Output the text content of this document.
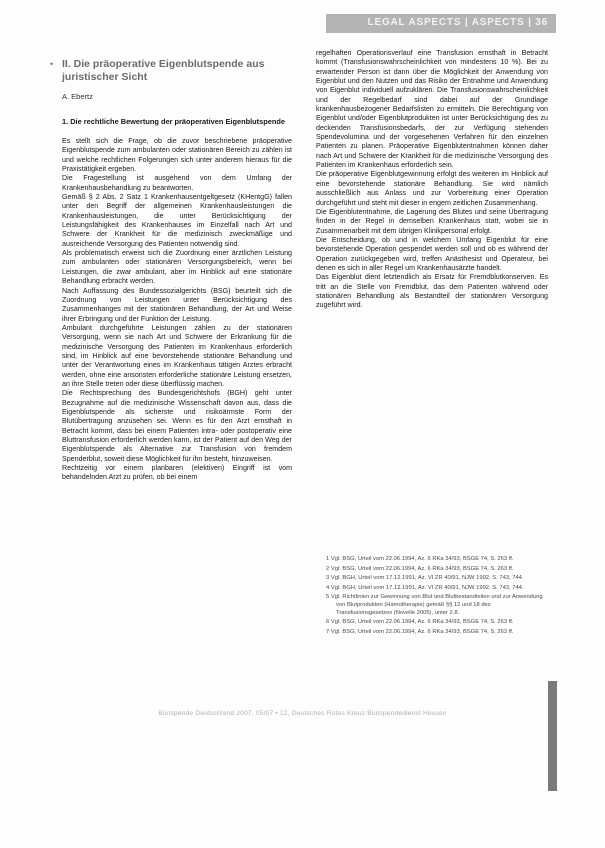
LEGAL ASPECTS | ASPECTS | 36
• II. Die präoperative Eigenblutspende aus juristischer Sicht
A. Ebertz
1. Die rechtliche Bewertung der präoperativen Eigenblutspende

Es stellt sich die Frage, ob die zuvor beschriebene präoperative Eigenblutspende zum ambulanten oder stationären Bereich zu zählen ist und welche rechtlichen Folgerungen sich unter anderem hieraus für die Praxistätigkeit ergeben.

Die Fragestellung ist ausgehend von dem Umfang der Krankenhausbehandlung zu beantworten.

Gemäß § 2 Abs. 2 Satz 1 Krankenhausentgeltgesetz (KHentgG) fallen unter den Begriff der allgemeinen Krankenhausleistungen die Krankenhausleistungen, die unter Berücksichtigung der Leistungsfähigkeit des Krankenhauses im Einzelfall nach Art und Schwere der Krankheit für die medizinisch zweckmäßige und ausreichende Versorgung des Patienten notwendig sind.

Als problematisch erweist sich die Zuordnung einer ärztlichen Leistung zum ambulanten oder stationären Versorgungsbereich, wenn bei Leistungen, die zwar ambulant, aber im Hinblick auf eine stationäre Behandlung erbracht werden.

Nach Auffassung des Bundessozialgerichts (BSG) beurteilt sich die Zuordnung von Leistungen unter Berücksichtigung des Zusammenhanges mit der stationären Behandlung, der Art und Weise ihrer Erbringung und der Funktion der Leistung.

Ambulant durchgeführte Leistungen zählen zu der stationären Versorgung, wenn sie nach Art und Schwere der Erkrankung für die medizinische Versorgung des Patienten im Krankenhaus erforderlich sind, im Hinblick auf eine bevorstehende stationäre Behandlung und unter der Verantwortung eines im Krankenhaus tätigen Arztes erbracht werden, ohne eine ansonsten erforderliche stationäre Leistung ersetzen, an ihre Stelle treten oder diese überflüssig machen.

Die Rechtsprechung des Bundesgerichtshofs (BGH) geht unter Bezugnahme auf die medizinische Wissenschaft davon aus, dass die Eigenblutspende als sicherste und risikoärmste Form der Blutübertragung anzusehen sei. Wenn es für den Arzt ernsthaft in Betracht kommt, dass bei einem Patienten intra- oder postoperativ eine Bluttransfusion erforderlich werden kann, ist der Patient auf den Weg der Eigenblutspende als Alternative zur Transfusion von fremdem Spenderblut, soweit diese Möglichkeit für ihn besteht, hinzuweisen.

Rechtzeitig vor einem planbaren (elektiven) Eingriff ist vom behandelnden Arzt zu prüfen, ob bei einem

regelhaften Operationsverlauf eine Transfusion ernsthaft in Betracht kommt (Transfusionswahrscheinlichkeit von mindestens 10 %). Bei zu erwartender Person ist dann über die Möglichkeit der Anwendung von Eigenblut und den Nutzen und das Risiko der Entnahme und Anwendung von Eigenblut individuell aufzuklären. Die Transfusionswahrscheinlichkeit und der Regelbedarf sind dabei auf der Grundlage krankenhausbezogener Bedarfslisten zu ermitteln. Die Berechtigung von Eigenblut und/oder Eigenblutprodukten ist unter Berücksichtigung des zu deckenden Transfusionsbedarfs, der zur Verfügung stehenden Spendevolumina und der vorgesehenen Verfahren für den einzelnen Patienten zu planen. Präoperative Eigenblutentnahmen können daher nach Art und Schwere der Krankheit für die medizinische Versorgung des Patienten im Krankenhaus erforderlich sein.

Die präoperative Eigenblutgewinnung erfolgt des weiteren im Hinblick auf eine bevorstehende stationäre Behandlung. Sie wird nämlich ausschließlich aus Anlass und zur Vorbereitung einer Operation durchgeführt und steht mit dieser in engem zeitlichen Zusammenhang.

Die Eigenblutentnahme, die Lagerung des Blutes und seine Übertragung finden in der Regel in demselben Krankenhaus statt, wobei sie in Zusammenarbeit mit dem übrigen Klinikpersonal erfolgt.

Die Entscheidung, ob und in welchem Umfang Eigenblut für eine bevorstehende Operation gespendet werden soll und ob es während der Operation zurückgegeben wird, treffen Anästhesist und Operateur, bei denen es sich in aller Regel um Krankenhausärzte handelt.

Das Eigenblut dient letztendlich als Ersatz für Fremdblutkonserven. Es tritt an die Stelle von Fremdblut, das dem Patienten während oder stationären Behandlung als Bestandteil der stationären Versorgung zugeführt wird.

1 Vgl. BSG, Urteil vom 22.06.1994, Az. 6 RKa 34/93, BSGE 74, S. 263 ff.
2 Vgl. BSG, Urteil vom 22.06.1994, Az. 6 RKa 34/93, BSGE 74, S. 263 ff.
3 Vgl. BGH, Urteil vom 17.12.1991, Az. VI ZR 40/91, NJW 1992, S. 743, 744.
4 Vgl. BGH, Urteil vom 17.12.1991, Az. VI ZR 40/91, NJW 1992, S. 743, 744.
5 Vgl. Richtlinien zur Gewinnung von Blut und Blutbestandteilen und zur Anwendung von Blutprodukten (Hämotherapie) gemäß §§ 12 und 18 des Transfusionsgesetzes (Novelle 2005), unter 2.8.
6 Vgl. BSG, Urteil vom 22.06.1994, Az. 6 RKa 34/93, BSGE 74, S. 263 ff.
7 Vgl. BSG, Urteil vom 22.06.1994, Az. 6 RKa 34/93, BSGE 74, S. 263 ff.
Blutspende Deutschland 2007, 05/07 • 12, Deutsches Rotes Kreuz Blutspendedienst Hessen
